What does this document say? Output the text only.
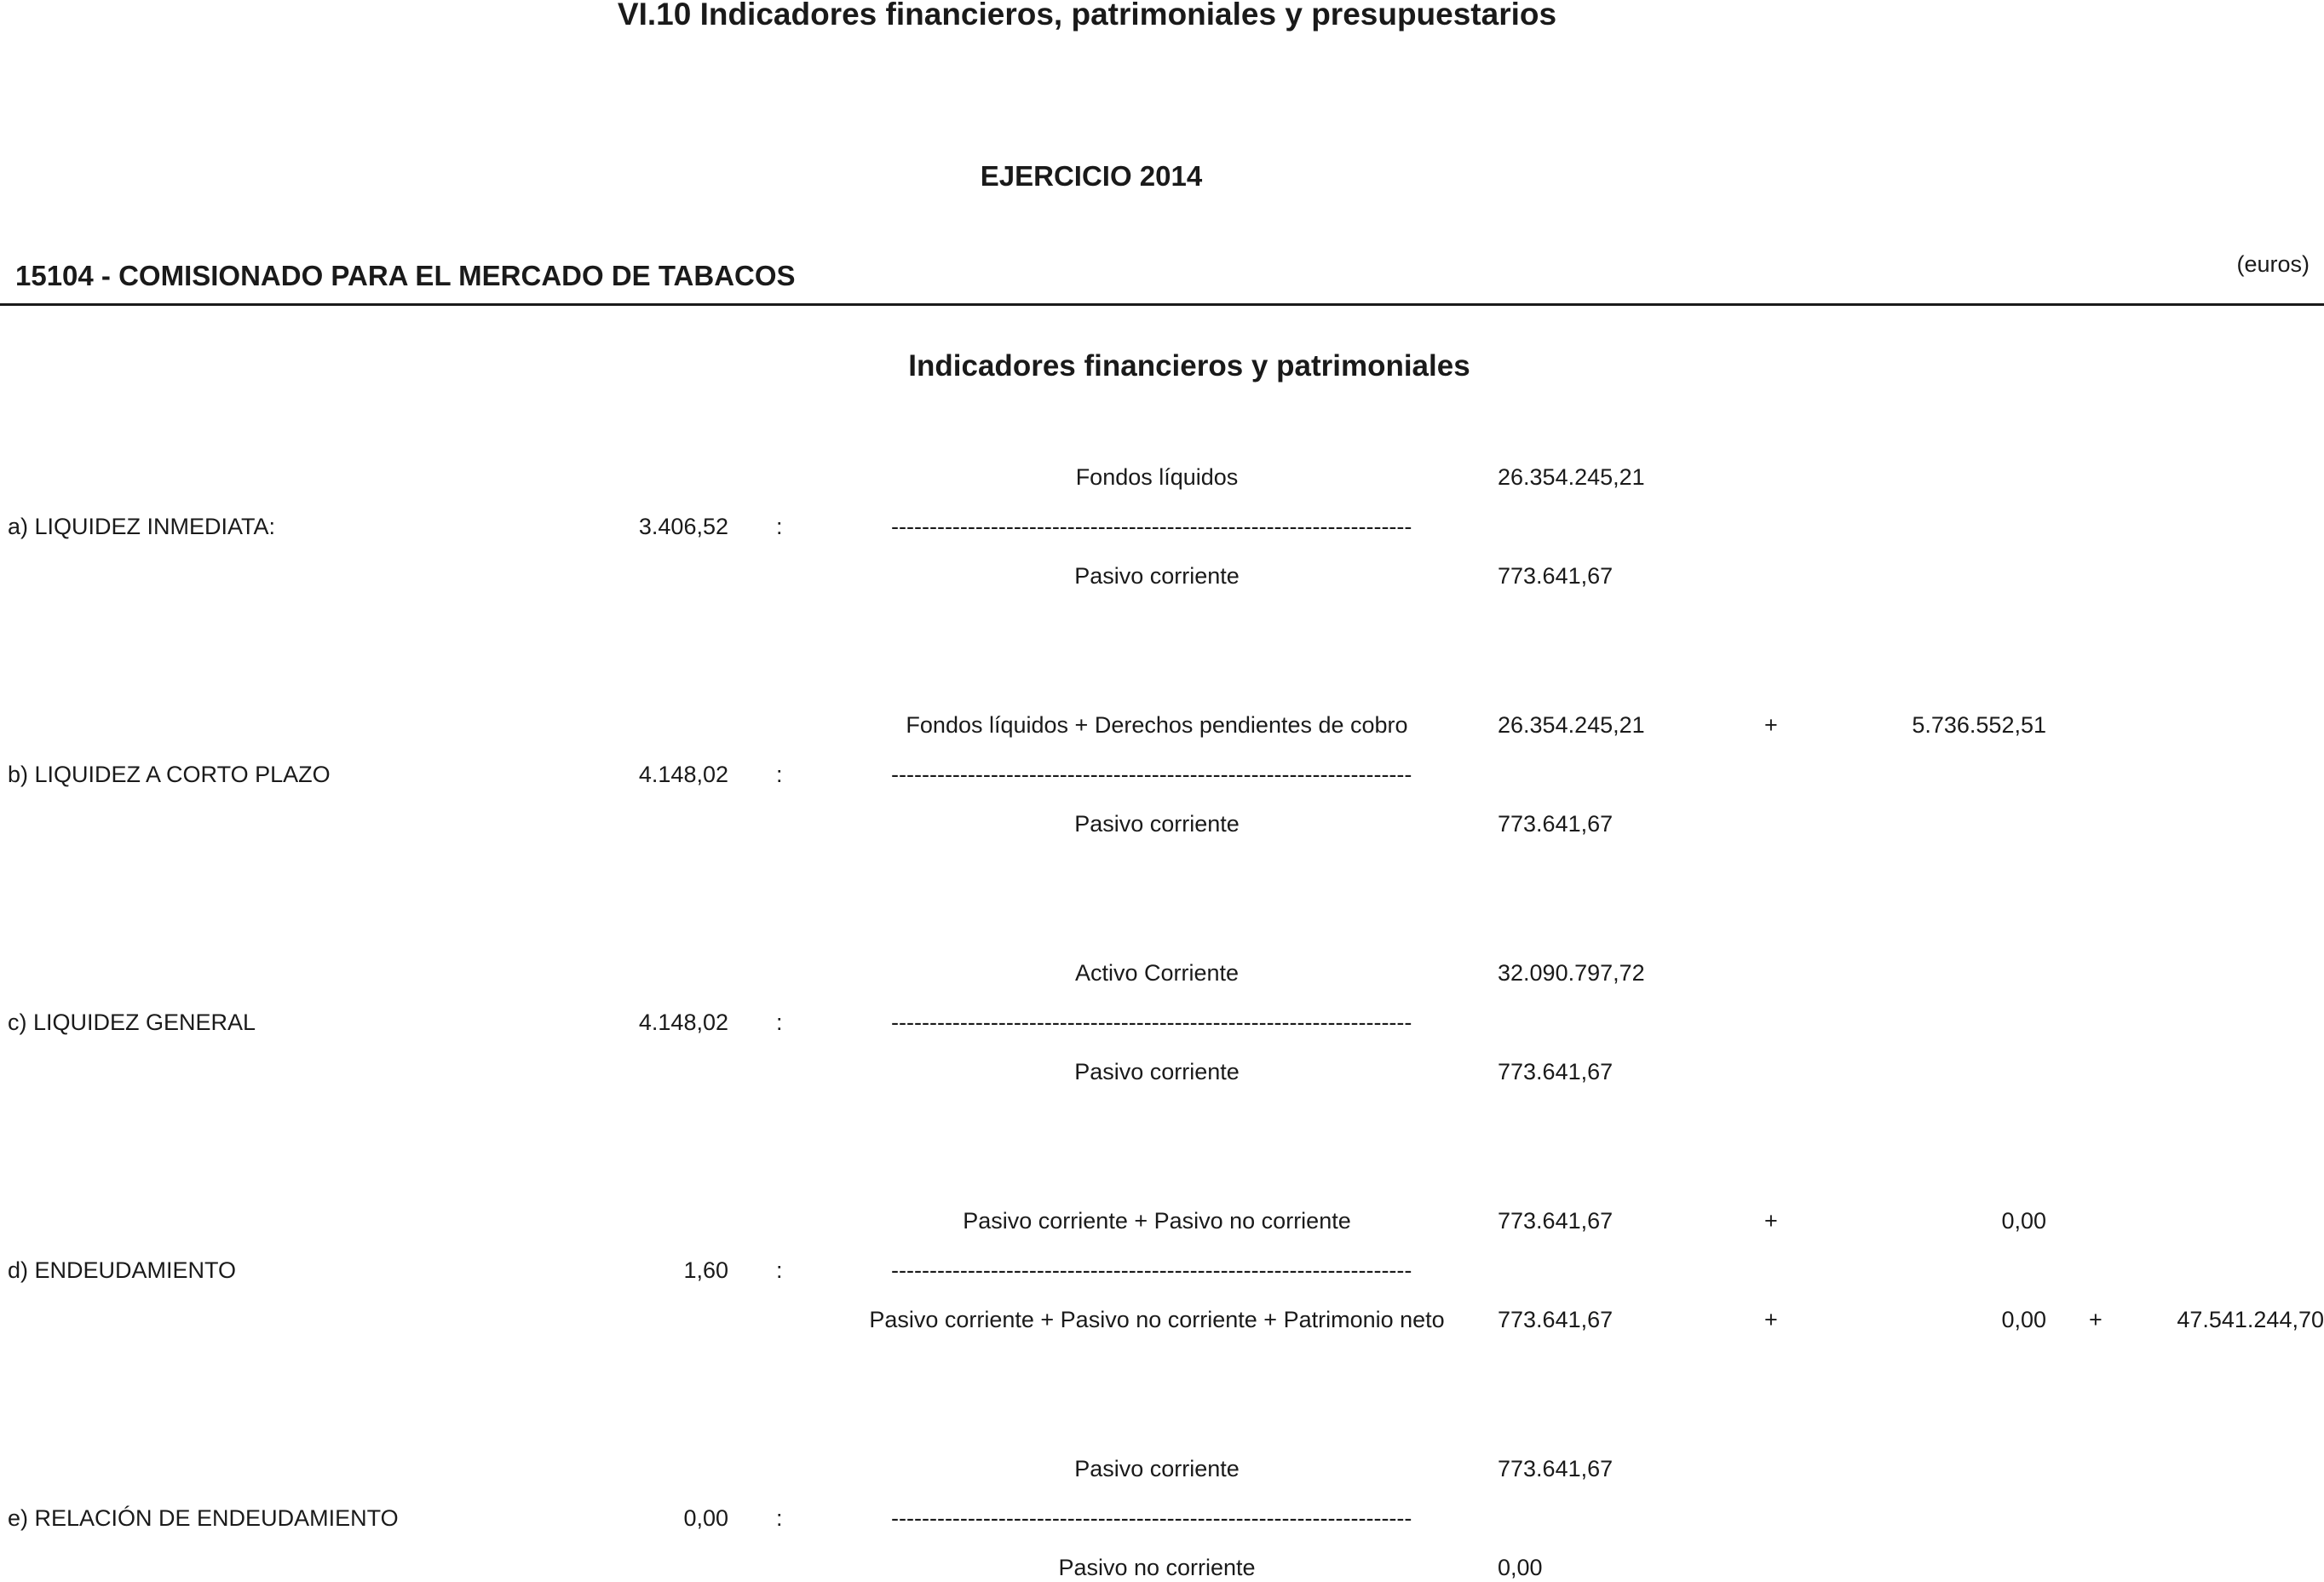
VI.10 Indicadores financieros, patrimoniales y presupuestarios
EJERCICIO 2014
15104 - COMISIONADO PARA EL MERCADO DE TABACOS	(euros)
Indicadores financieros y patrimoniales
Fondos líquidos	26.354.245,21
a) LIQUIDEZ INMEDIATA:	3.406,52 :	--------------------------------------------------------------------
Pasivo corriente	773.641,67
Fondos líquidos + Derechos pendientes de cobro	26.354.245,21	+	5.736.552,51
b) LIQUIDEZ A CORTO PLAZO	4.148,02 :	--------------------------------------------------------------------
Pasivo corriente	773.641,67
Activo Corriente	32.090.797,72
c) LIQUIDEZ GENERAL	4.148,02 :	--------------------------------------------------------------------
Pasivo corriente	773.641,67
Pasivo corriente + Pasivo no corriente	773.641,67	+	0,00
d) ENDEUDAMIENTO	1,60 :	--------------------------------------------------------------------
Pasivo corriente + Pasivo no corriente + Patrimonio neto	773.641,67	+	0,00 +	47.541.244,70
Pasivo corriente	773.641,67
e) RELACIÓN DE ENDEUDAMIENTO	0,00 :	--------------------------------------------------------------------
Pasivo no corriente	0,00
